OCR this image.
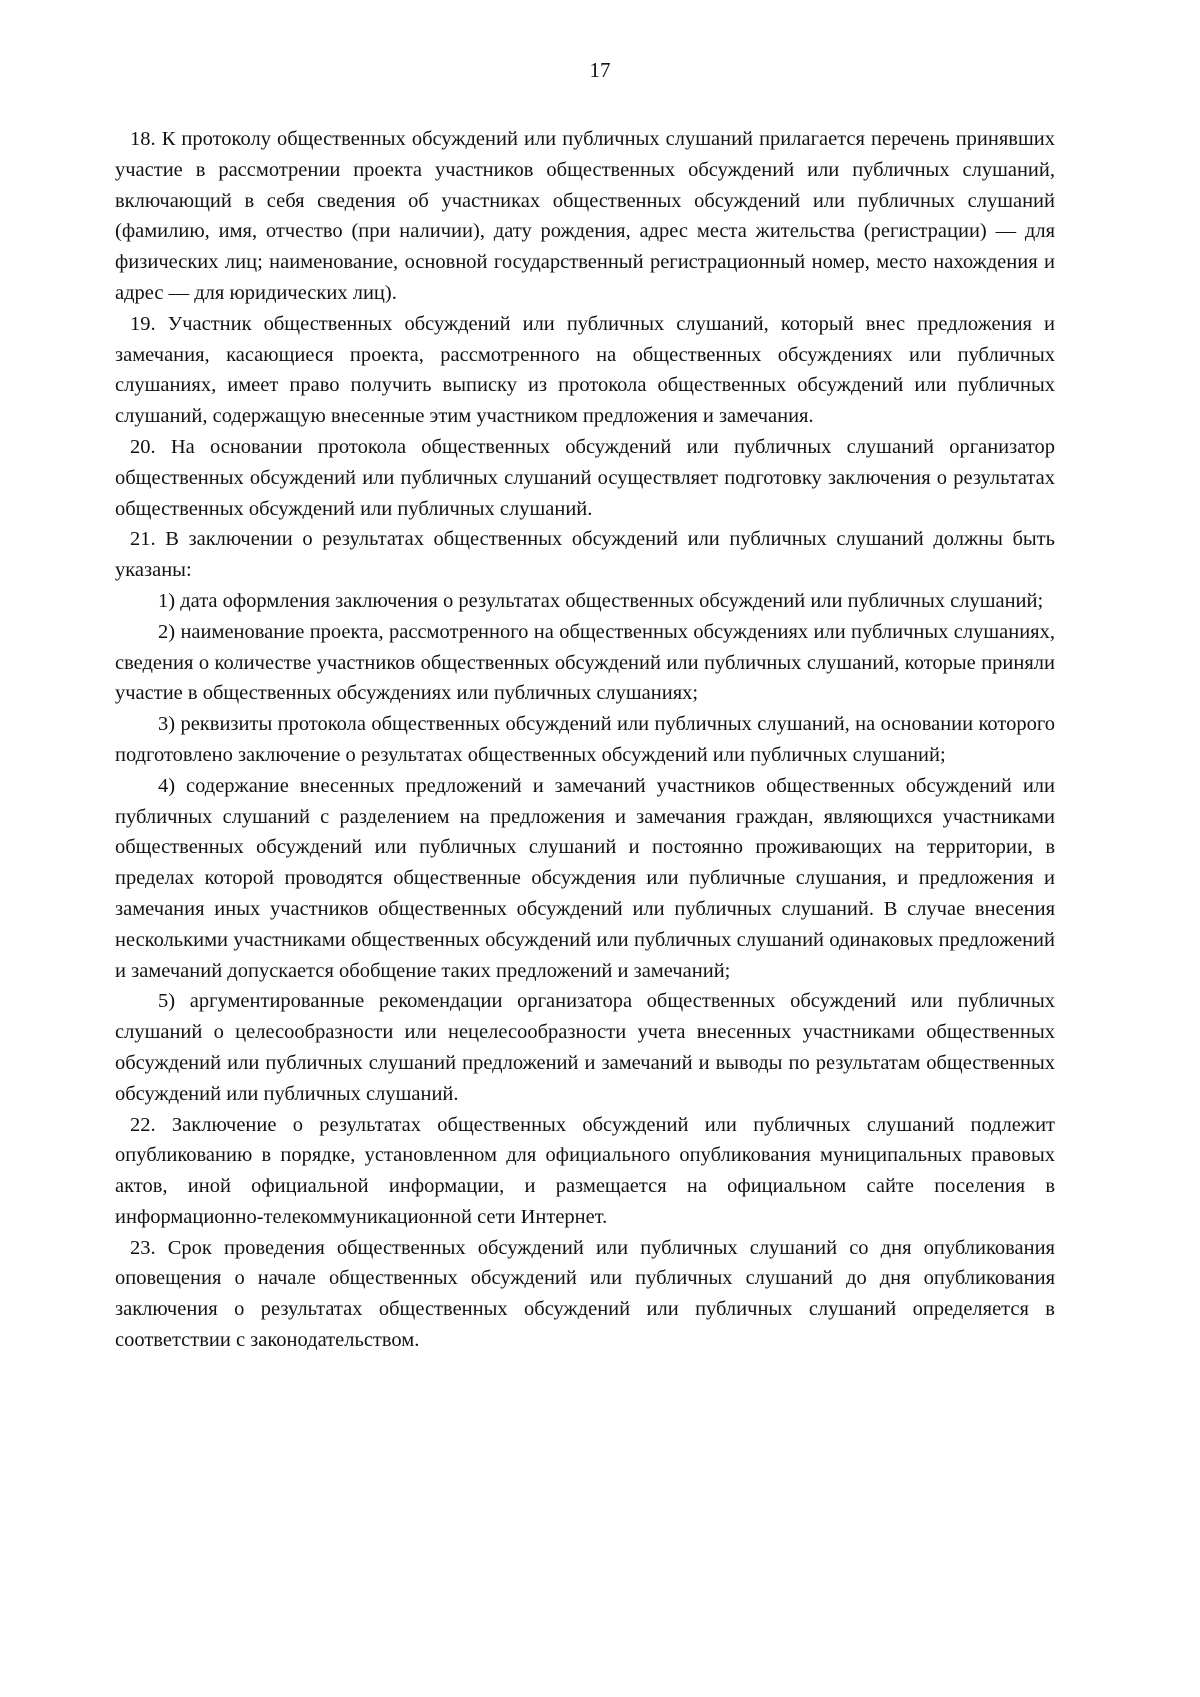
17

18. К протоколу общественных обсуждений или публичных слушаний прилагается перечень принявших участие в рассмотрении проекта участников общественных обсуждений или публичных слушаний, включающий в себя сведения об участниках общественных обсуждений или публичных слушаний (фамилию, имя, отчество (при наличии), дату рождения, адрес места жительства (регистрации) — для физических лиц; наименование, основной государственный регистрационный номер, место нахождения и адрес — для юридических лиц).

19. Участник общественных обсуждений или публичных слушаний, который внес предложения и замечания, касающиеся проекта, рассмотренного на общественных обсуждениях или публичных слушаниях, имеет право получить выписку из протокола общественных обсуждений или публичных слушаний, содержащую внесенные этим участником предложения и замечания.

20. На основании протокола общественных обсуждений или публичных слушаний организатор общественных обсуждений или публичных слушаний осуществляет подготовку заключения о результатах общественных обсуждений или публичных слушаний.

21. В заключении о результатах общественных обсуждений или публичных слушаний должны быть указаны:

1) дата оформления заключения о результатах общественных обсуждений или публичных слушаний;

2) наименование проекта, рассмотренного на общественных обсуждениях или публичных слушаниях, сведения о количестве участников общественных обсуждений или публичных слушаний, которые приняли участие в общественных обсуждениях или публичных слушаниях;

3) реквизиты протокола общественных обсуждений или публичных слушаний, на основании которого подготовлено заключение о результатах общественных обсуждений или публичных слушаний;

4) содержание внесенных предложений и замечаний участников общественных обсуждений или публичных слушаний с разделением на предложения и замечания граждан, являющихся участниками общественных обсуждений или публичных слушаний и постоянно проживающих на территории, в пределах которой проводятся общественные обсуждения или публичные слушания, и предложения и замечания иных участников общественных обсуждений или публичных слушаний. В случае внесения несколькими участниками общественных обсуждений или публичных слушаний одинаковых предложений и замечаний допускается обобщение таких предложений и замечаний;

5) аргументированные рекомендации организатора общественных обсуждений или публичных слушаний о целесообразности или нецелесообразности учета внесенных участниками общественных обсуждений или публичных слушаний предложений и замечаний и выводы по результатам общественных обсуждений или публичных слушаний.

22. Заключение о результатах общественных обсуждений или публичных слушаний подлежит опубликованию в порядке, установленном для официального опубликования муниципальных правовых актов, иной официальной информации, и размещается на официальном сайте поселения в информационно-телекоммуникационной сети Интернет.

23. Срок проведения общественных обсуждений или публичных слушаний со дня опубликования оповещения о начале общественных обсуждений или публичных слушаний до дня опубликования заключения о результатах общественных обсуждений или публичных слушаний определяется в соответствии с законодательством.
